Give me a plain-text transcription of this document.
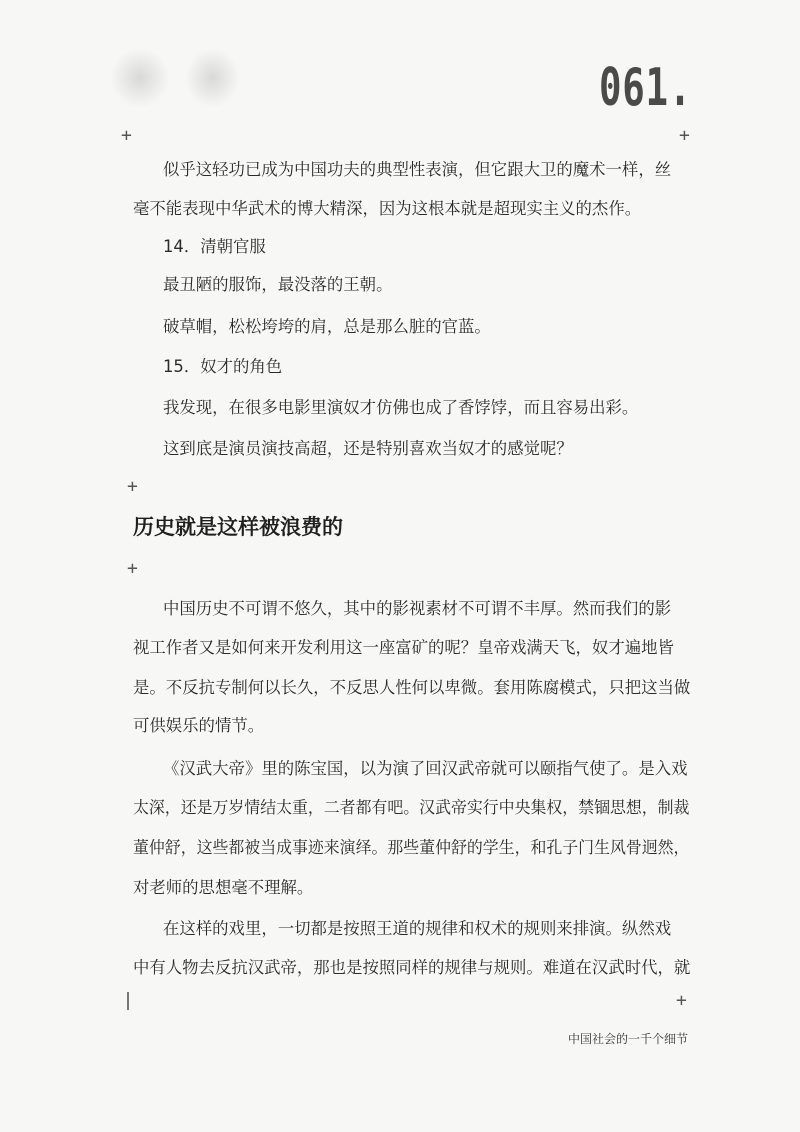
061.
+	+
+
+
+
似乎这轻功已成为中国功夫的典型性表演，但它跟大卫的魔术一样，丝
毫不能表现中华武术的博大精深，因为这根本就是超现实主义的杰作。
14．清朝官服
最丑陋的服饰，最没落的王朝。
破草帽，松松垮垮的肩，总是那么脏的官蓝。
15．奴才的角色
我发现，在很多电影里演奴才仿佛也成了香饽饽，而且容易出彩。
这到底是演员演技高超，还是特别喜欢当奴才的感觉呢？
历史就是这样被浪费的
中国历史不可谓不悠久，其中的影视素材不可谓不丰厚。然而我们的影
视工作者又是如何来开发利用这一座富矿的呢？皇帝戏满天飞，奴才遍地皆
是。不反抗专制何以长久，不反思人性何以卑微。套用陈腐模式，只把这当做
可供娱乐的情节。
《汉武大帝》里的陈宝国，以为演了回汉武帝就可以颐指气使了。是入戏
太深，还是万岁情结太重，二者都有吧。汉武帝实行中央集权，禁锢思想，制裁
董仲舒，这些都被当成事迹来演绎。那些董仲舒的学生，和孔子门生风骨迥然，
对老师的思想毫不理解。
在这样的戏里，一切都是按照王道的规律和权术的规则来排演。纵然戏
中有人物去反抗汉武帝，那也是按照同样的规律与规则。难道在汉武时代，就
中国社会的一千个细节
